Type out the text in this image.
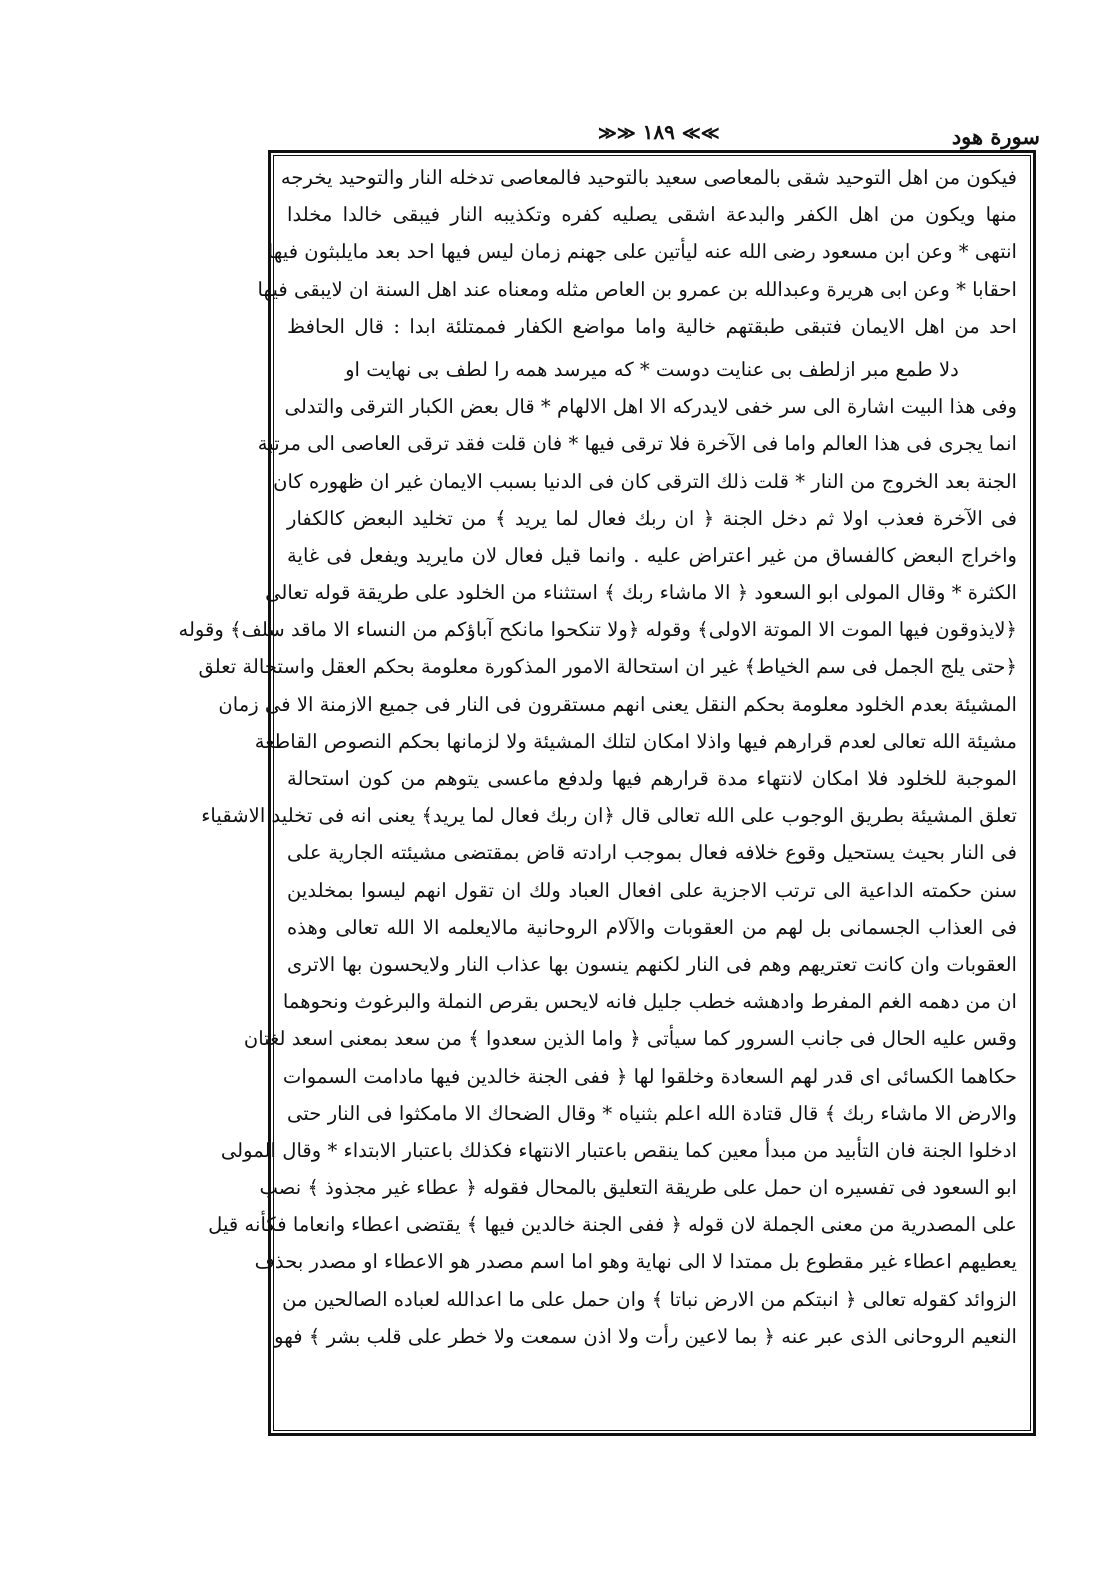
سورة هود
≫≫ ١٨٩ ≪≪
فيكون من اهل التوحيد شقى بالمعاصى سعيد بالتوحيد فالمعاصى تدخله النار والتوحيد يخرجه
منها ويكون من اهل الكفر والبدعة اشقى يصليه كفره وتكذيبه النار فيبقى خالدا مخلدا
انتهى * وعن ابن مسعود رضى الله عنه ليأتين على جهنم زمان ليس فيها احد بعد مايلبثون فيها
احقابا * وعن ابى هريرة وعبدالله بن عمرو بن العاص مثله ومعناه عند اهل السنة ان لايبقى فيها
احد من اهل الايمان فتبقى طبقتهم خالية واما مواضع الكفار فممتلئة ابدا : قال الحافظ
دلا طمع مبر ازلطف بى عنايت دوست * كه ميرسد همه را لطف بى نهايت او
وفى هذا البيت اشارة الى سر خفى لايدركه الا اهل الالهام * قال بعض الكبار الترقى والتدلى
انما يجرى فى هذا العالم واما فى الآخرة فلا ترقى فيها * فان قلت فقد ترقى العاصى الى مرتبة
الجنة بعد الخروج من النار * قلت ذلك الترقى كان فى الدنيا بسبب الايمان غير ان ظهوره كان
فى الآخرة فعذب اولا ثم دخل الجنة ﴿ ان ربك فعال لما يريد ﴾ من تخليد البعض كالكفار
واخراج البعض كالفساق من غير اعتراض عليه . وانما قيل فعال لان مايريد ويفعل فى غاية
الكثرة * وقال المولى ابو السعود ﴿ الا ماشاء ربك ﴾ استثناء من الخلود على طريقة قوله تعالى
﴿لايذوقون فيها الموت الا الموتة الاولى﴾ وقوله ﴿ولا تنكحوا مانكح آباؤكم من النساء الا ماقد سلف﴾ وقوله
﴿حتى يلج الجمل فى سم الخياط﴾ غير ان استحالة الامور المذكورة معلومة بحكم العقل واستحالة تعلق
المشيئة بعدم الخلود معلومة بحكم النقل يعنى انهم مستقرون فى النار فى جميع الازمنة الا فى زمان
مشيئة الله تعالى لعدم قرارهم فيها واذلا امكان لتلك المشيئة ولا لزمانها بحكم النصوص القاطعة
الموجبة للخلود فلا امكان لانتهاء مدة قرارهم فيها ولدفع ماعسى يتوهم من كون استحالة
تعلق المشيئة بطريق الوجوب على الله تعالى قال ﴿ان ربك فعال لما يريد﴾ يعنى انه فى تخليد الاشقياء
فى النار بحيث يستحيل وقوع خلافه فعال بموجب ارادته قاض بمقتضى مشيئته الجارية على
سنن حكمته الداعية الى ترتب الاجزية على افعال العباد ولك ان تقول انهم ليسوا بمخلدين
فى العذاب الجسمانى بل لهم من العقوبات والآلام الروحانية مالايعلمه الا الله تعالى وهذه
العقوبات وان كانت تعتريهم وهم فى النار لكنهم ينسون بها عذاب النار ولايحسون بها الاترى
ان من دهمه الغم المفرط وادهشه خطب جليل فانه لايحس بقرص النملة والبرغوث ونحوهما
وقس عليه الحال فى جانب السرور كما سيأتى ﴿ واما الذين سعدوا ﴾ من سعد بمعنى اسعد لغتان
حكاهما الكسائى اى قدر لهم السعادة وخلقوا لها ﴿ ففى الجنة خالدين فيها مادامت السموات
والارض الا ماشاء ربك ﴾ قال قتادة الله اعلم بثنياه * وقال الضحاك الا مامكثوا فى النار حتى
ادخلوا الجنة فان التأبيد من مبدأ معين كما ينقص باعتبار الانتهاء فكذلك باعتبار الابتداء * وقال المولى
ابو السعود فى تفسيره ان حمل على طريقة التعليق بالمحال فقوله ﴿ عطاء غير مجذوذ ﴾ نصب
على المصدرية من معنى الجملة لان قوله ﴿ ففى الجنة خالدين فيها ﴾ يقتضى اعطاء وانعاما فكأنه قيل
يعطيهم اعطاء غير مقطوع بل ممتدا لا الى نهاية وهو اما اسم مصدر هو الاعطاء او مصدر بحذف
الزوائد كقوله تعالى ﴿ انبتكم من الارض نباتا ﴾ وان حمل على ما اعدالله لعباده الصالحين من
النعيم الروحانى الذى عبر عنه ﴿ بما لاعين رأت ولا اذن سمعت ولا خطر على قلب بشر ﴾ فهو
